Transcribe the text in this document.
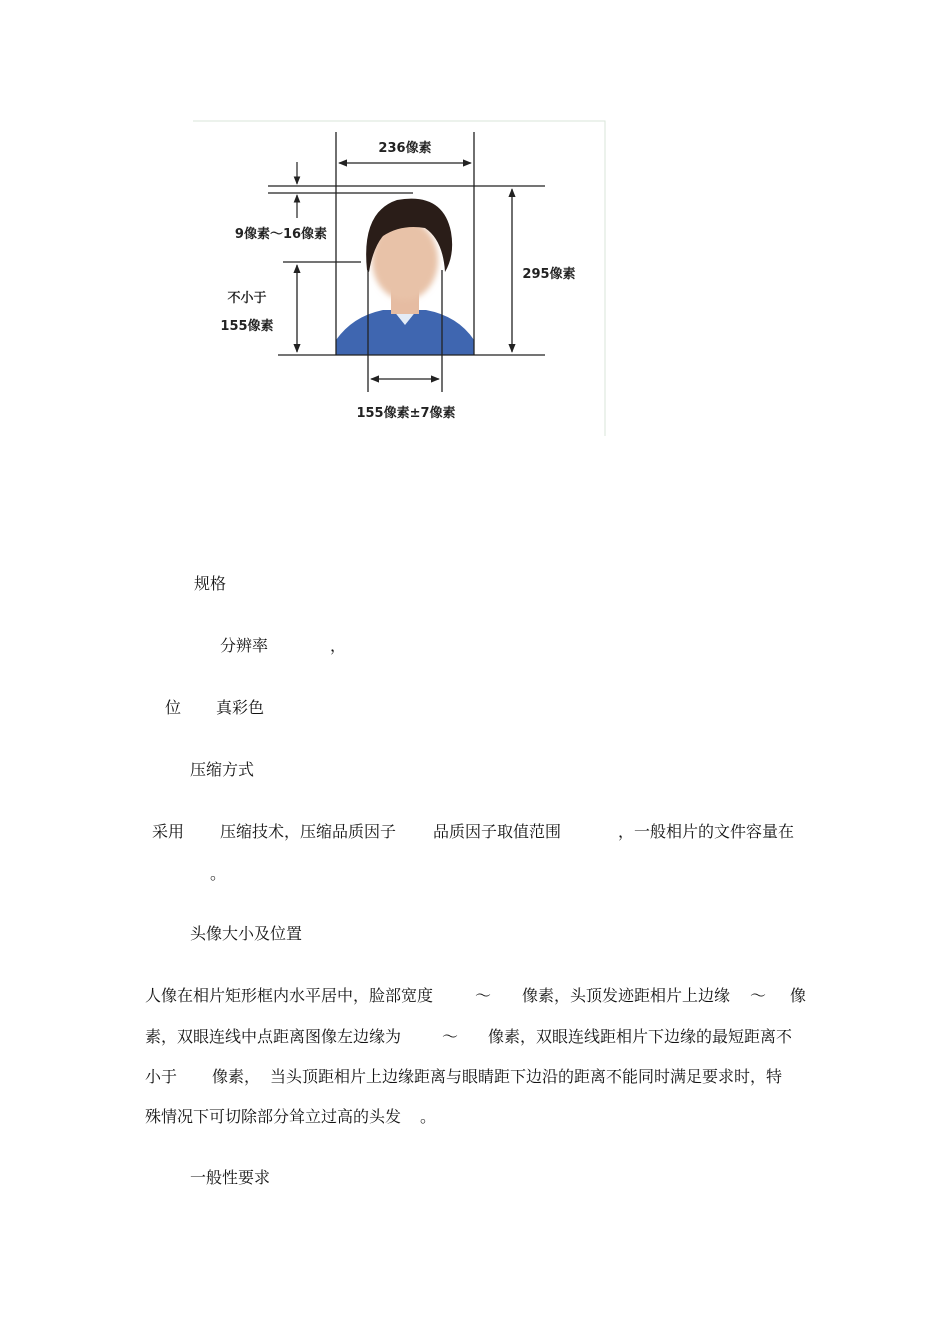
236像素
295像素
9像素～16像素
不小于
155像素
155像素±7像素
规格
分辨率	，
位 真彩色
压缩方式
采用 压缩技术，压缩品质因子 品质因子取值范围	，一般相片的文件容量在
。
头像大小及位置
人像在相片矩形框内水平居中，脸部宽度	～ 像素，头顶发迹距相片上边缘 ～ 像
素，双眼连线中点距离图像左边缘为	～ 像素，双眼连线距相片下边缘的最短距离不
小于 像素， 当头顶距相片上边缘距离与眼睛距下边沿的距离不能同时满足要求时，特
殊情况下可切除部分耸立过高的头发 。
一般性要求
